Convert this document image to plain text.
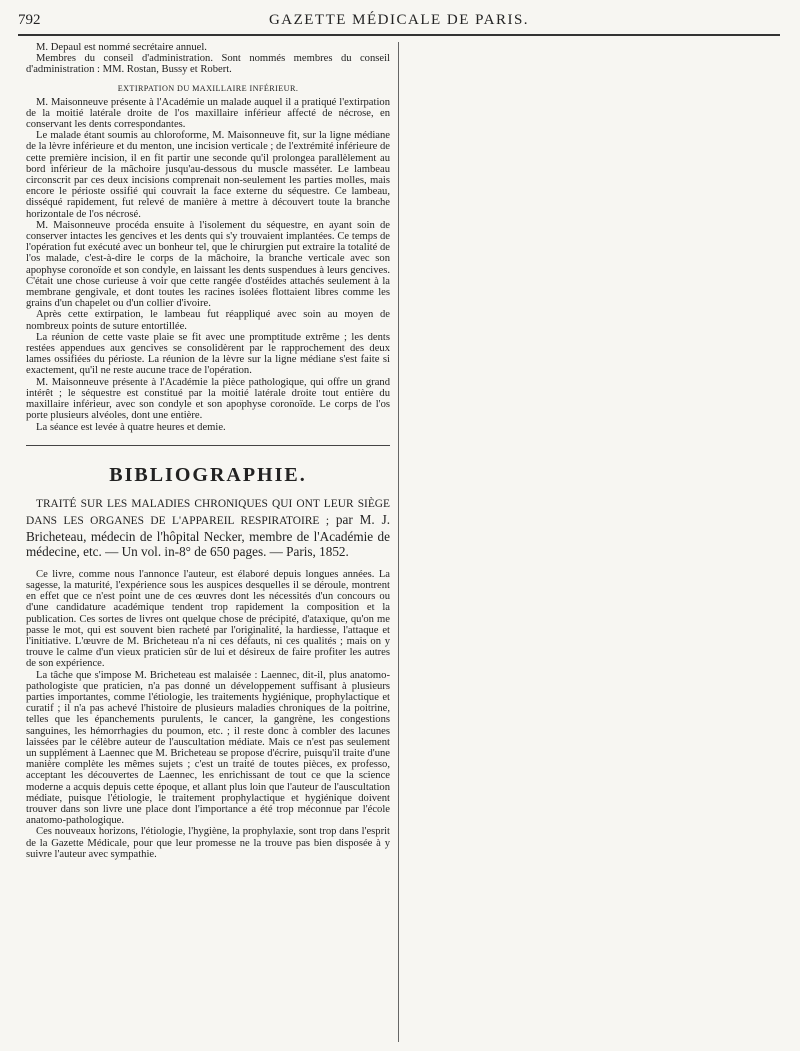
792	GAZETTE MÉDICALE DE PARIS.

M. Depaul est nommé secrétaire annuel.

Membres du conseil d'administration. Sont nommés membres du conseil d'administration : MM. Rostan, Bussy et Robert.

EXTIRPATION DU MAXILLAIRE INFÉRIEUR.

M. Maisonneuve présente à l'Académie un malade auquel il a pratiqué l'extirpation de la moitié latérale droite de l'os maxillaire inférieur affecté de nécrose, en conservant les dents correspondantes.

Le malade étant soumis au chloroforme, M. Maisonneuve fit, sur la ligne médiane de la lèvre inférieure et du menton, une incision verticale ; de l'extrémité inférieure de cette première incision, il en fit partir une seconde qu'il prolongea parallèlement au bord inférieur de la mâchoire jusqu'au-dessous du muscle masséter. Le lambeau circonscrit par ces deux incisions comprenait non-seulement les parties molles, mais encore le périoste ossifié qui couvrait la face externe du séquestre. Ce lambeau, disséqué rapidement, fut relevé de manière à mettre à découvert toute la branche horizontale de l'os nécrosé.

M. Maisonneuve procéda ensuite à l'isolement du séquestre, en ayant soin de conserver intactes les gencives et les dents qui s'y trouvaient implantées. Ce temps de l'opération fut exécuté avec un bonheur tel, que le chirurgien put extraire la totalité de l'os malade, c'est-à-dire le corps de la mâchoire, la branche verticale avec son apophyse coronoïde et son condyle, en laissant les dents suspendues à leurs gencives. C'était une chose curieuse à voir que cette rangée d'ostéides attachés seulement à la membrane gengivale, et dont toutes les racines isolées flottaient libres comme les grains d'un chapelet ou d'un collier d'ivoire.

Après cette extirpation, le lambeau fut réappliqué avec soin au moyen de nombreux points de suture entortillée.

La réunion de cette vaste plaie se fit avec une promptitude extrême ; les dents restées appendues aux gencives se consolidèrent par le rapprochement des deux lames ossifiées du périoste. La réunion de la lèvre sur la ligne médiane s'est faite si exactement, qu'il ne reste aucune trace de l'opération.

M. Maisonneuve présente à l'Académie la pièce pathologique, qui offre un grand intérêt ; le séquestre est constitué par la moitié latérale droite tout entière du maxillaire inférieur, avec son condyle et son apophyse coronoïde. Le corps de l'os porte plusieurs alvéoles, dont une entière.

La séance est levée à quatre heures et demie.

BIBLIOGRAPHIE.

TRAITÉ SUR LES MALADIES CHRONIQUES QUI ONT LEUR SIÈGE DANS LES ORGANES DE L'APPAREIL RESPIRATOIRE ; par M. J. Bricheteau, médecin de l'hôpital Necker, membre de l'Académie de médecine, etc. — Un vol. in-8° de 650 pages. — Paris, 1852.

Ce livre, comme nous l'annonce l'auteur, est élaboré depuis longues années. La sagesse, la maturité, l'expérience sous les auspices desquelles il se déroule, montrent en effet que ce n'est point une de ces œuvres dont les nécessités d'un concours ou d'une candidature académique tendent trop rapidement la composition et la publication. Ces sortes de livres ont quelque chose de précipité, d'ataxique, qu'on me passe le mot, qui est souvent bien racheté par l'originalité, la hardiesse, l'attaque et l'initiative. L'œuvre de M. Bricheteau n'a ni ces défauts, ni ces qualités ; mais on y trouve le calme d'un vieux praticien sûr de lui et désireux de faire profiter les autres de son expérience.

La tâche que s'impose M. Bricheteau est malaisée : Laennec, dit-il, plus anatomo-pathologiste que praticien, n'a pas donné un développement suffisant à plusieurs parties importantes, comme l'étiologie, les traitements hygiénique, prophylactique et curatif ; il n'a pas achevé l'histoire de plusieurs maladies chroniques de la poitrine, telles que les épanchements purulents, le cancer, la gangrène, les congestions sanguines, les hémorrhagies du poumon, etc. ; il reste donc à combler des lacunes laissées par le célèbre auteur de l'auscultation médiate. Mais ce n'est pas seulement un supplément à Laennec que M. Bricheteau se propose d'écrire, puisqu'il traite d'une manière complète les mêmes sujets ; c'est un traité de toutes pièces, ex professo, acceptant les découvertes de Laennec, les enrichissant de tout ce que la science moderne a acquis depuis cette époque, et allant plus loin que l'auteur de l'auscultation médiate, puisque l'étiologie, le traitement prophylactique et hygiénique doivent trouver dans son livre une place dont l'importance a été trop méconnue par l'école anatomo-pathologique.

Ces nouveaux horizons, l'étiologie, l'hygiène, la prophylaxie, sont trop dans l'esprit de la Gazette Médicale, pour que leur promesse ne la trouve pas bien disposée à y suivre l'auteur avec sympathie.
